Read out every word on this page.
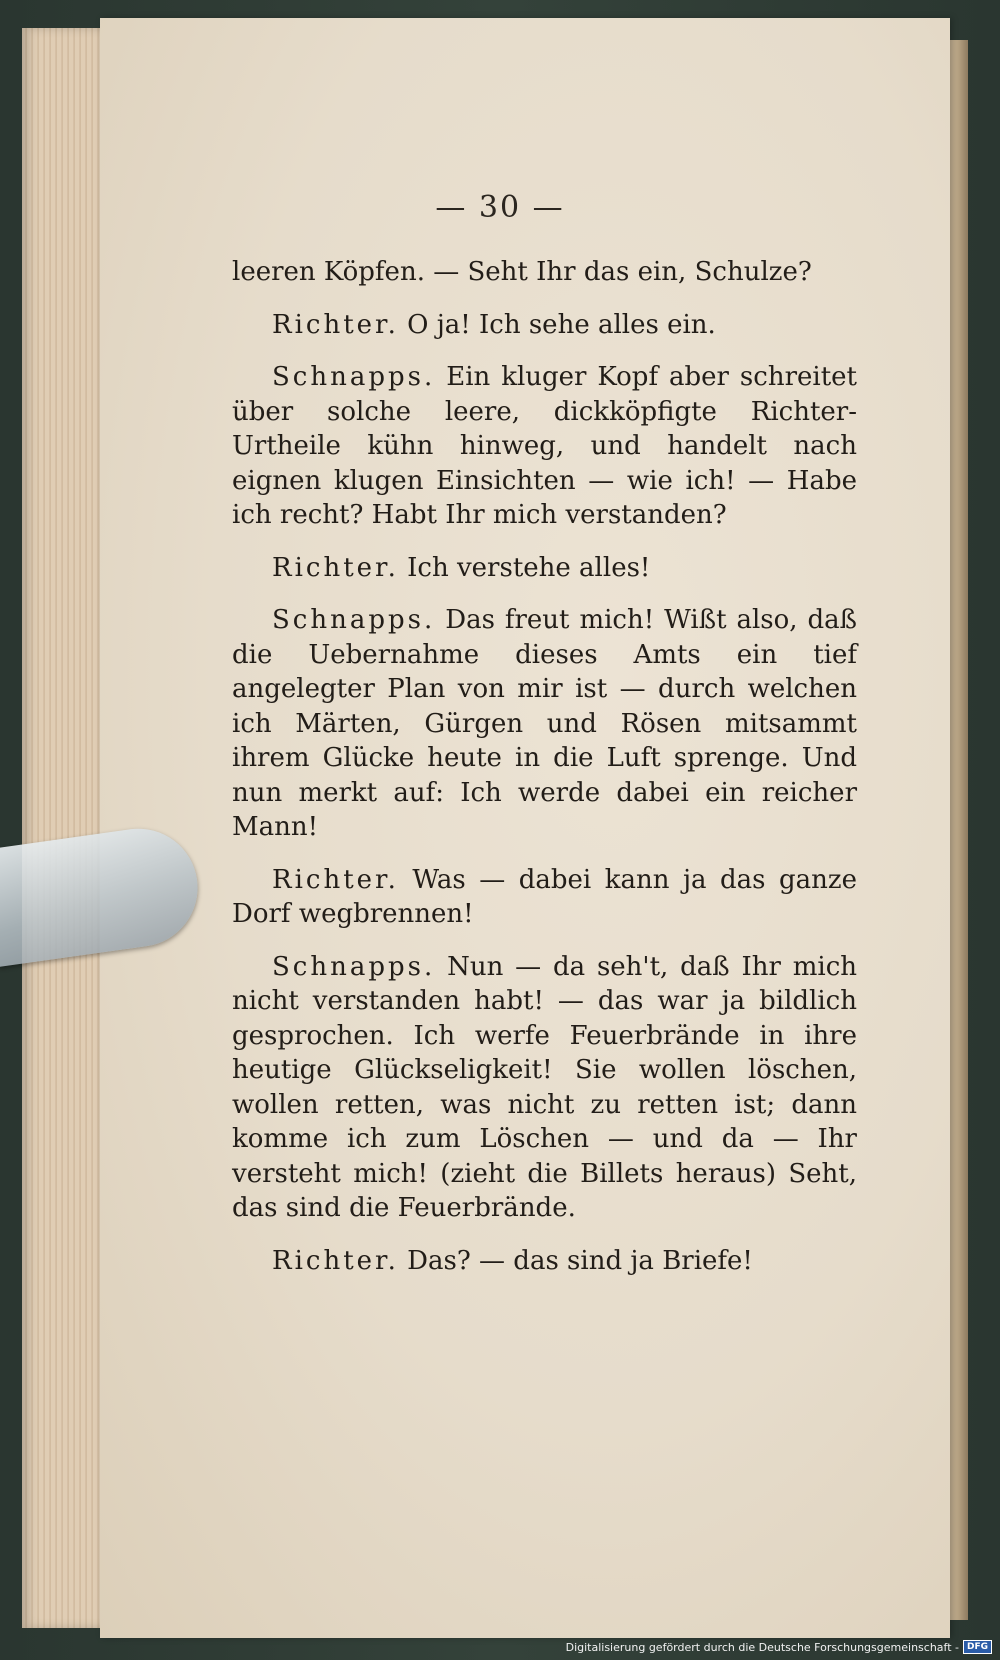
— 30 —

leeren Köpfen. — Seht Ihr das ein, Schulze?

Richter. O ja! Ich sehe alles ein.

Schnapps. Ein kluger Kopf aber schreitet über solche leere, dickköpfigte Richter-Urtheile kühn hinweg, und handelt nach eignen klugen Einsichten — wie ich! — Habe ich recht? Habt Ihr mich verstanden?

Richter. Ich verstehe alles!

Schnapps. Das freut mich! Wißt also, daß die Uebernahme dieses Amts ein tief angelegter Plan von mir ist — durch welchen ich Märten, Gürgen und Rösen mitsammt ihrem Glücke heute in die Luft sprenge. Und nun merkt auf: Ich werde dabei ein reicher Mann!

Richter. Was — dabei kann ja das ganze Dorf wegbrennen!

Schnapps. Nun — da seh't, daß Ihr mich nicht verstanden habt! — das war ja bildlich gesprochen. Ich werfe Feuerbrände in ihre heutige Glückseligkeit! Sie wollen löschen, wollen retten, was nicht zu retten ist; dann komme ich zum Löschen — und da — Ihr versteht mich! (zieht die Billets heraus) Seht, das sind die Feuerbrände.

Richter. Das? — das sind ja Briefe!

Digitalisierung gefördert durch die Deutsche Forschungsgemeinschaft - DFG
